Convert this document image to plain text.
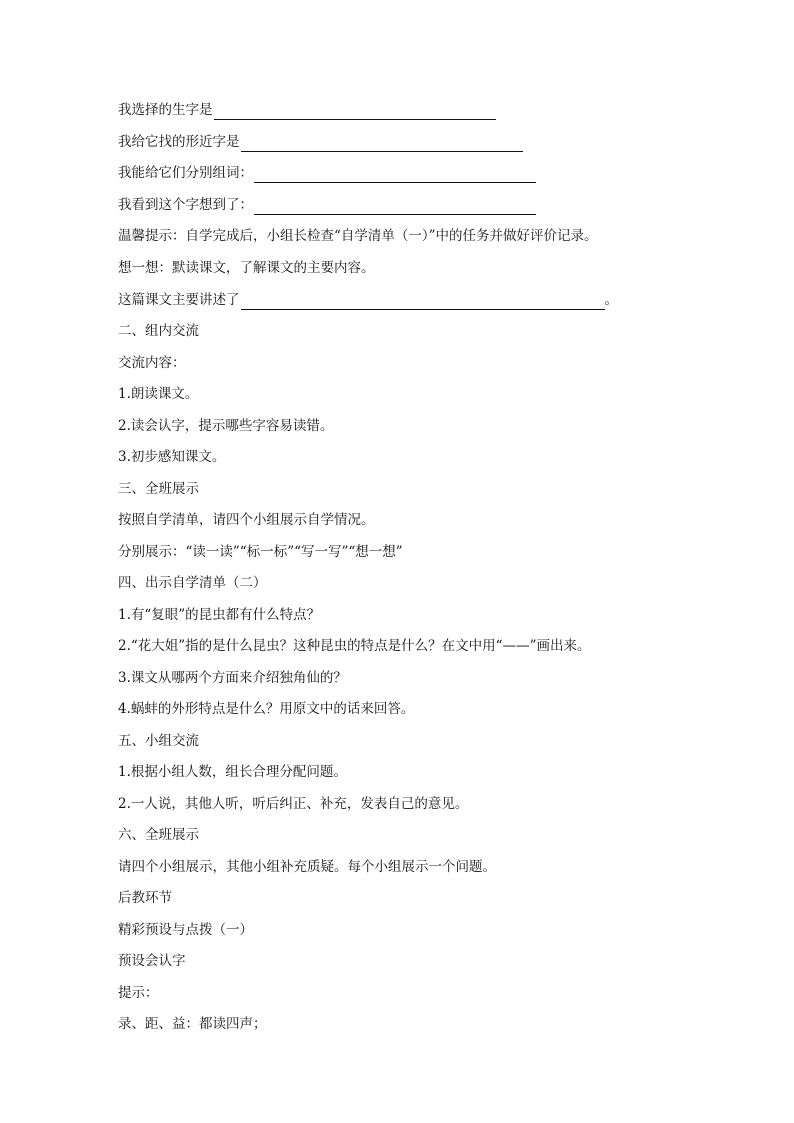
我选择的生字是
我给它找的形近字是
我能给它们分别组词：
我看到这个字想到了：
温馨提示：自学完成后，小组长检查“自学清单（一）”中的任务并做好评价记录。
想一想：默读课文，了解课文的主要内容。
这篇课文主要讲述了	。
二、组内交流
交流内容：
1.朗读课文。
2.读会认字，提示哪些字容易读错。
3.初步感知课文。
三、全班展示
按照自学清单，请四个小组展示自学情况。
分别展示：“读一读”“标一标”“写一写”“想一想”
四、出示自学清单（二）
1.有“复眼”的昆虫都有什么特点？
2.“花大姐”指的是什么昆虫？这种昆虫的特点是什么？在文中用“——”画出来。
3.课文从哪两个方面来介绍独角仙的？
4.蜗蚌的外形特点是什么？用原文中的话来回答。
五、小组交流
1.根据小组人数，组长合理分配问题。
2.一人说，其他人听，听后纠正、补充，发表自己的意见。
六、全班展示
请四个小组展示，其他小组补充质疑。每个小组展示一个问题。
后教环节
精彩预设与点拨（一）
预设会认字
提示：
录、距、益：都读四声；
